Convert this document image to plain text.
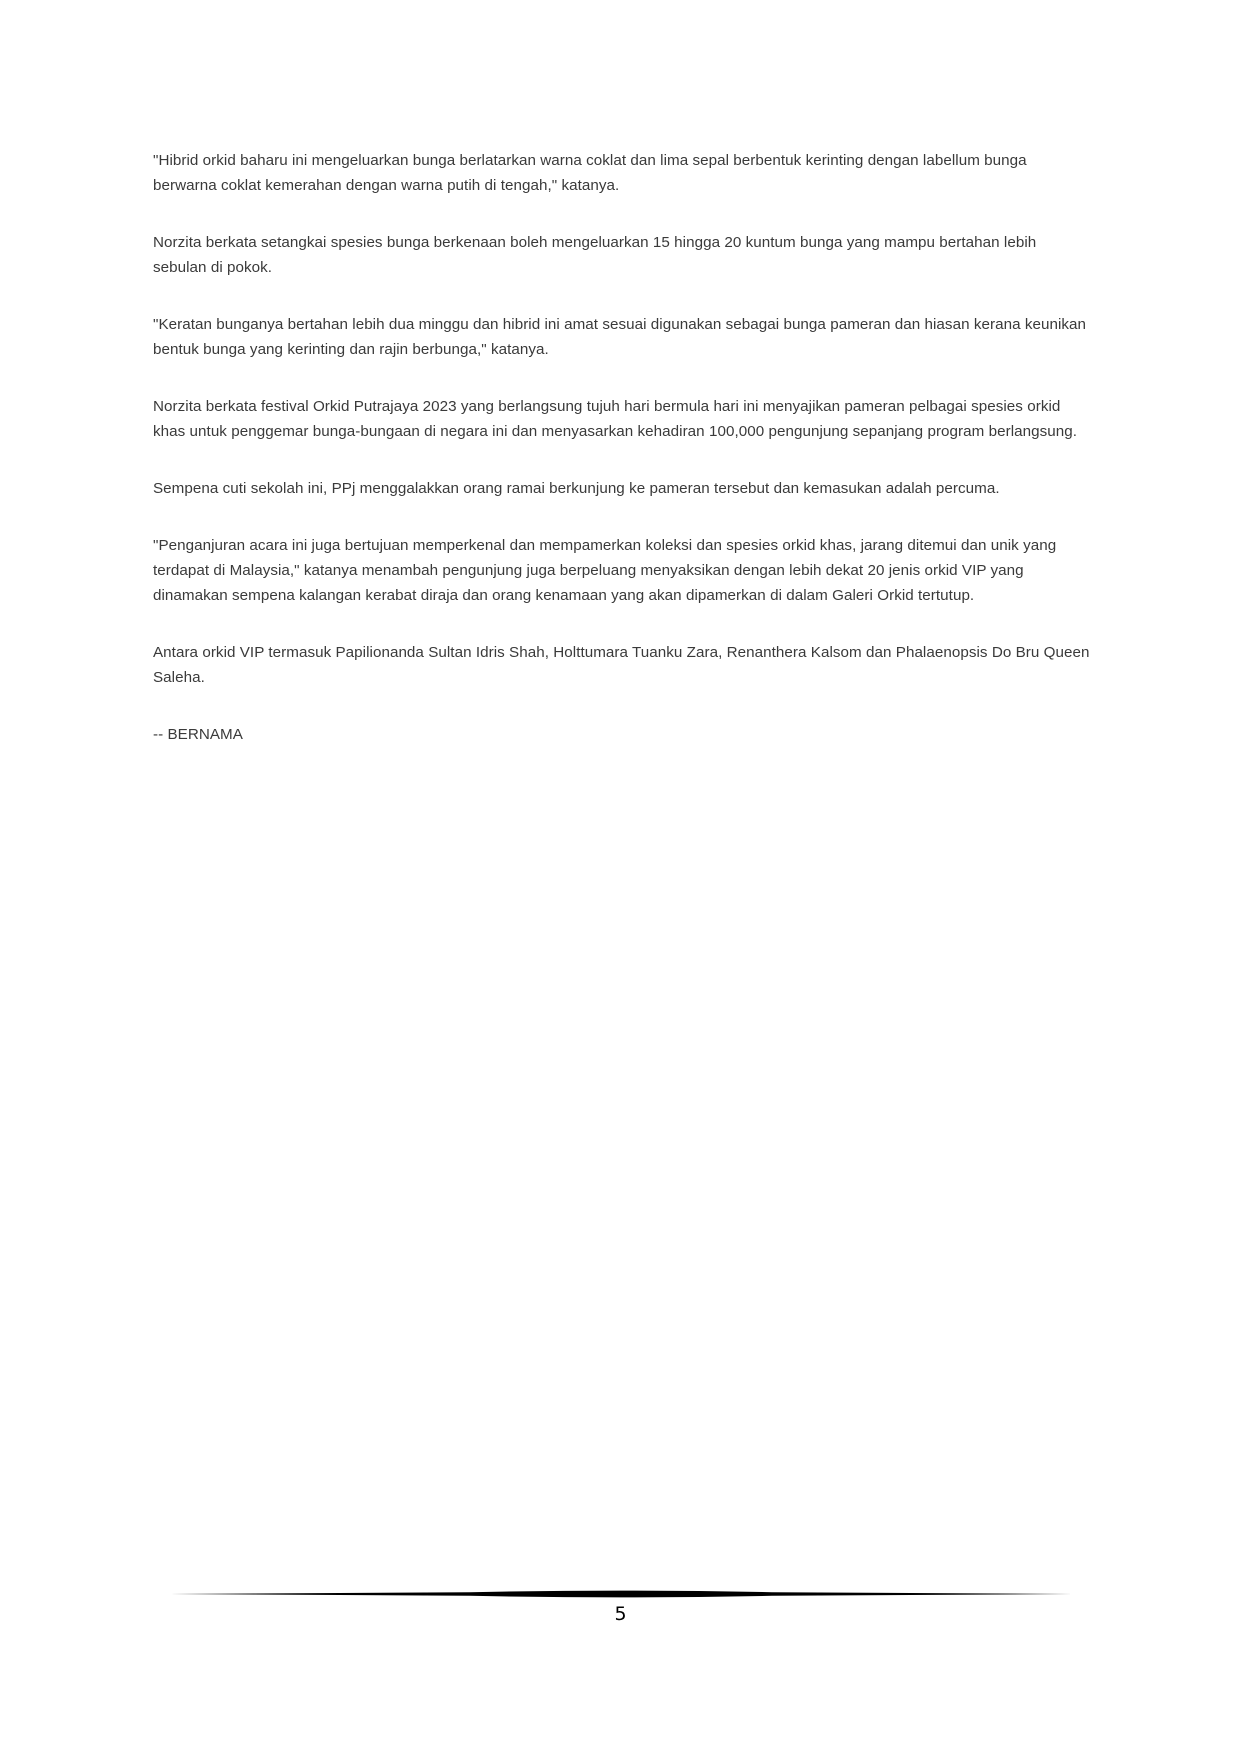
"Hibrid orkid baharu ini mengeluarkan bunga berlatarkan warna coklat dan lima sepal berbentuk kerinting dengan labellum bunga berwarna coklat kemerahan dengan warna putih di tengah," katanya.

Norzita berkata setangkai spesies bunga berkenaan boleh mengeluarkan 15 hingga 20 kuntum bunga yang mampu bertahan lebih sebulan di pokok.

"Keratan bunganya bertahan lebih dua minggu dan hibrid ini amat sesuai digunakan sebagai bunga pameran dan hiasan kerana keunikan bentuk bunga yang kerinting dan rajin berbunga," katanya.

Norzita berkata festival Orkid Putrajaya 2023 yang berlangsung tujuh hari bermula hari ini menyajikan pameran pelbagai spesies orkid khas untuk penggemar bunga-bungaan di negara ini dan menyasarkan kehadiran 100,000 pengunjung sepanjang program berlangsung.

Sempena cuti sekolah ini, PPj menggalakkan orang ramai berkunjung ke pameran tersebut dan kemasukan adalah percuma.

"Penganjuran acara ini juga bertujuan memperkenal dan mempamerkan koleksi dan spesies orkid khas, jarang ditemui dan unik yang terdapat di Malaysia," katanya menambah pengunjung juga berpeluang menyaksikan dengan lebih dekat 20 jenis orkid VIP yang dinamakan sempena kalangan kerabat diraja dan orang kenamaan yang akan dipamerkan di dalam Galeri Orkid tertutup.

Antara orkid VIP termasuk Papilionanda Sultan Idris Shah, Holttumara Tuanku Zara, Renanthera Kalsom dan Phalaenopsis Do Bru Queen Saleha.

-- BERNAMA

5
